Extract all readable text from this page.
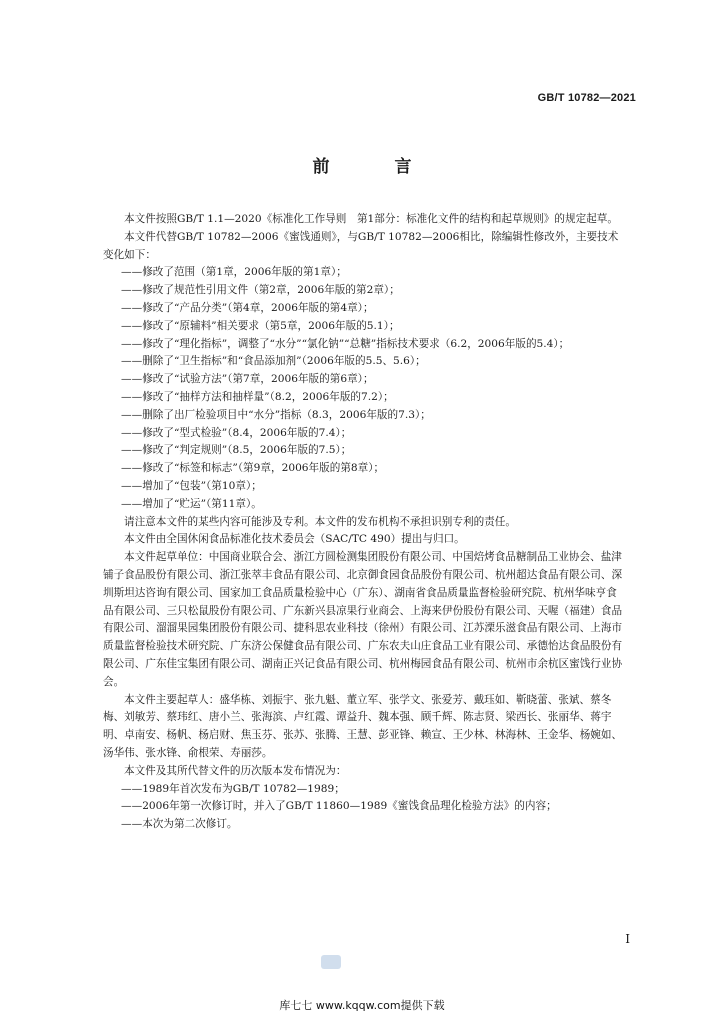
GB/T 10782—2021
前　言

本文件按照GB/T 1.1—2020《标准化工作导则　第1部分：标准化文件的结构和起草规则》的规定起草。

本文件代替GB/T 10782—2006《蜜饯通则》，与GB/T 10782—2006相比，除编辑性修改外，主要技术变化如下：

——修改了范围（第1章，2006年版的第1章）；

——修改了规范性引用文件（第2章，2006年版的第2章）；

——修改了“产品分类”（第4章，2006年版的第4章）；

——修改了“原辅料”相关要求（第5章，2006年版的5.1）；

——修改了“理化指标”，调整了“水分”“氯化钠”“总糖”指标技术要求（6.2，2006年版的5.4）；

——删除了“卫生指标”和“食品添加剂”（2006年版的5.5、5.6）；

——修改了“试验方法”（第7章，2006年版的第6章）；

——修改了“抽样方法和抽样量”（8.2，2006年版的7.2）；

——删除了出厂检验项目中“水分”指标（8.3，2006年版的7.3）；

——修改了“型式检验”（8.4，2006年版的7.4）；

——修改了“判定规则”（8.5，2006年版的7.5）；

——修改了“标签和标志”（第9章，2006年版的第8章）；

——增加了“包装”（第10章）；

——增加了“贮运”（第11章）。

请注意本文件的某些内容可能涉及专利。本文件的发布机构不承担识别专利的责任。

本文件由全国休闲食品标准化技术委员会（SAC/TC 490）提出与归口。

本文件起草单位：中国商业联合会、浙江方圆检测集团股份有限公司、中国焙烤食品糖制品工业协会、盐津铺子食品股份有限公司、浙江张萃丰食品有限公司、北京御食园食品股份有限公司、杭州超达食品有限公司、深圳斯坦达咨询有限公司、国家加工食品质量检验中心（广东）、湖南省食品质量监督检验研究院、杭州华味亨食品有限公司、三只松鼠股份有限公司、广东新兴县凉果行业商会、上海来伊份股份有限公司、天喔（福建）食品有限公司、溜溜果园集团股份有限公司、捷科思农业科技（徐州）有限公司、江苏溧乐滋食品有限公司、上海市质量监督检验技术研究院、广东济公保健食品有限公司、广东农夫山庄食品工业有限公司、承德怡达食品股份有限公司、广东佳宝集团有限公司、湖南正兴记食品有限公司、杭州梅园食品有限公司、杭州市余杭区蜜饯行业协会。

本文件主要起草人：盛华栋、刘振宇、张九魁、董立军、张学文、张爱芳、戴珏如、靳晓蕾、张斌、蔡冬梅、刘敏芳、蔡玮红、唐小兰、张海滨、卢红霞、谭益升、魏本强、顾千辉、陈志贤、梁西长、张丽华、蒋宇明、卓南安、杨帆、杨启财、焦玉芬、张苏、张腾、王慧、彭亚锋、赖宣、王少林、林海林、王金华、杨婉如、汤华伟、张水锋、俞根荣、寿丽莎。

本文件及其所代替文件的历次版本发布情况为：

——1989年首次发布为GB/T 10782—1989；

——2006年第一次修订时，并入了GB/T 11860—1989《蜜饯食品理化检验方法》的内容；

——本次为第二次修订。

I
库七七 www.kqqw.com提供下载
